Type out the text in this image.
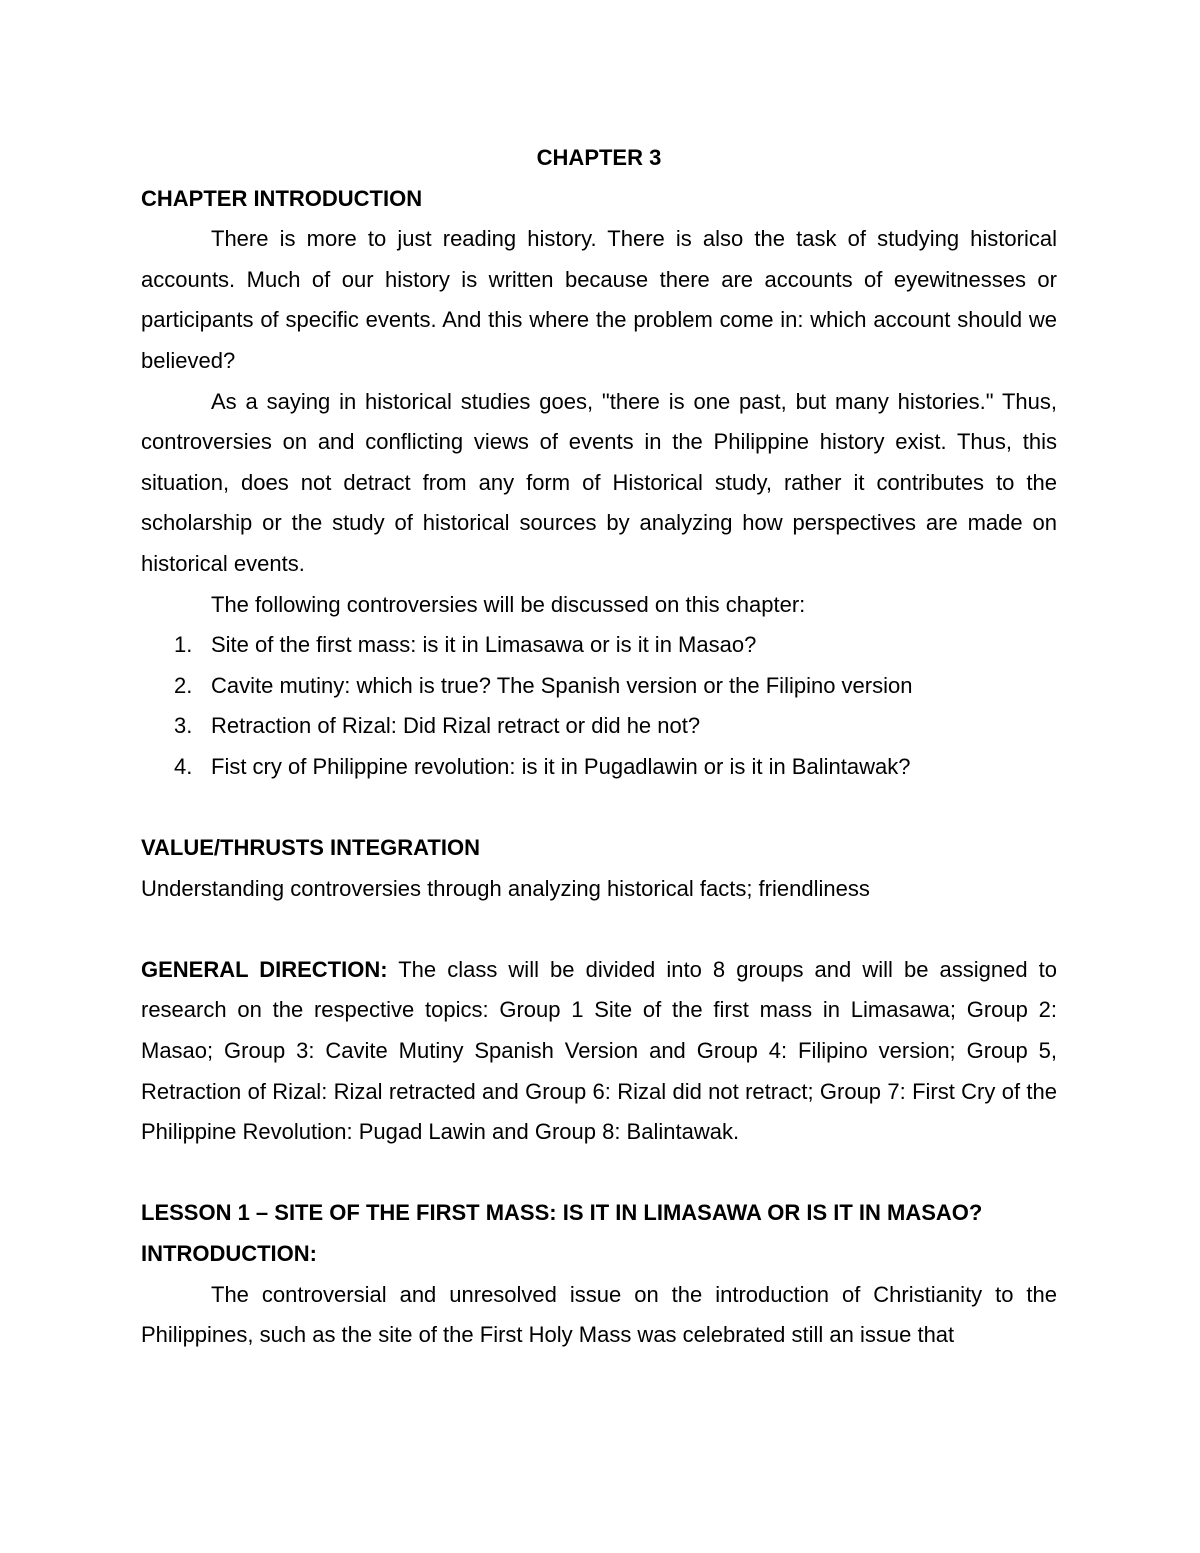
CHAPTER 3

CHAPTER INTRODUCTION

There is more to just reading history. There is also the task of studying historical accounts. Much of our history is written because there are accounts of eyewitnesses or participants of specific events. And this where the problem come in: which account should we believed?

As a saying in historical studies goes, "there is one past, but many histories." Thus, controversies on and conflicting views of events in the Philippine history exist. Thus, this situation, does not detract from any form of Historical study, rather it contributes to the scholarship or the study of historical sources by analyzing how perspectives are made on historical events.

The following controversies will be discussed on this chapter:

1. Site of the first mass: is it in Limasawa or is it in Masao?
2. Cavite mutiny: which is true? The Spanish version or the Filipino version
3. Retraction of Rizal: Did Rizal retract or did he not?
4. Fist cry of Philippine revolution: is it in Pugadlawin or is it in Balintawak?

VALUE/THRUSTS INTEGRATION

Understanding controversies through analyzing historical facts; friendliness

GENERAL DIRECTION: The class will be divided into 8 groups and will be assigned to research on the respective topics: Group 1 Site of the first mass in Limasawa; Group 2: Masao; Group 3: Cavite Mutiny Spanish Version and Group 4: Filipino version; Group 5, Retraction of Rizal: Rizal retracted and Group 6: Rizal did not retract; Group 7: First Cry of the Philippine Revolution: Pugad Lawin and Group 8: Balintawak.

LESSON 1 – SITE OF THE FIRST MASS: IS IT IN LIMASAWA OR IS IT IN MASAO?

INTRODUCTION:

The controversial and unresolved issue on the introduction of Christianity to the Philippines, such as the site of the First Holy Mass was celebrated still an issue that
